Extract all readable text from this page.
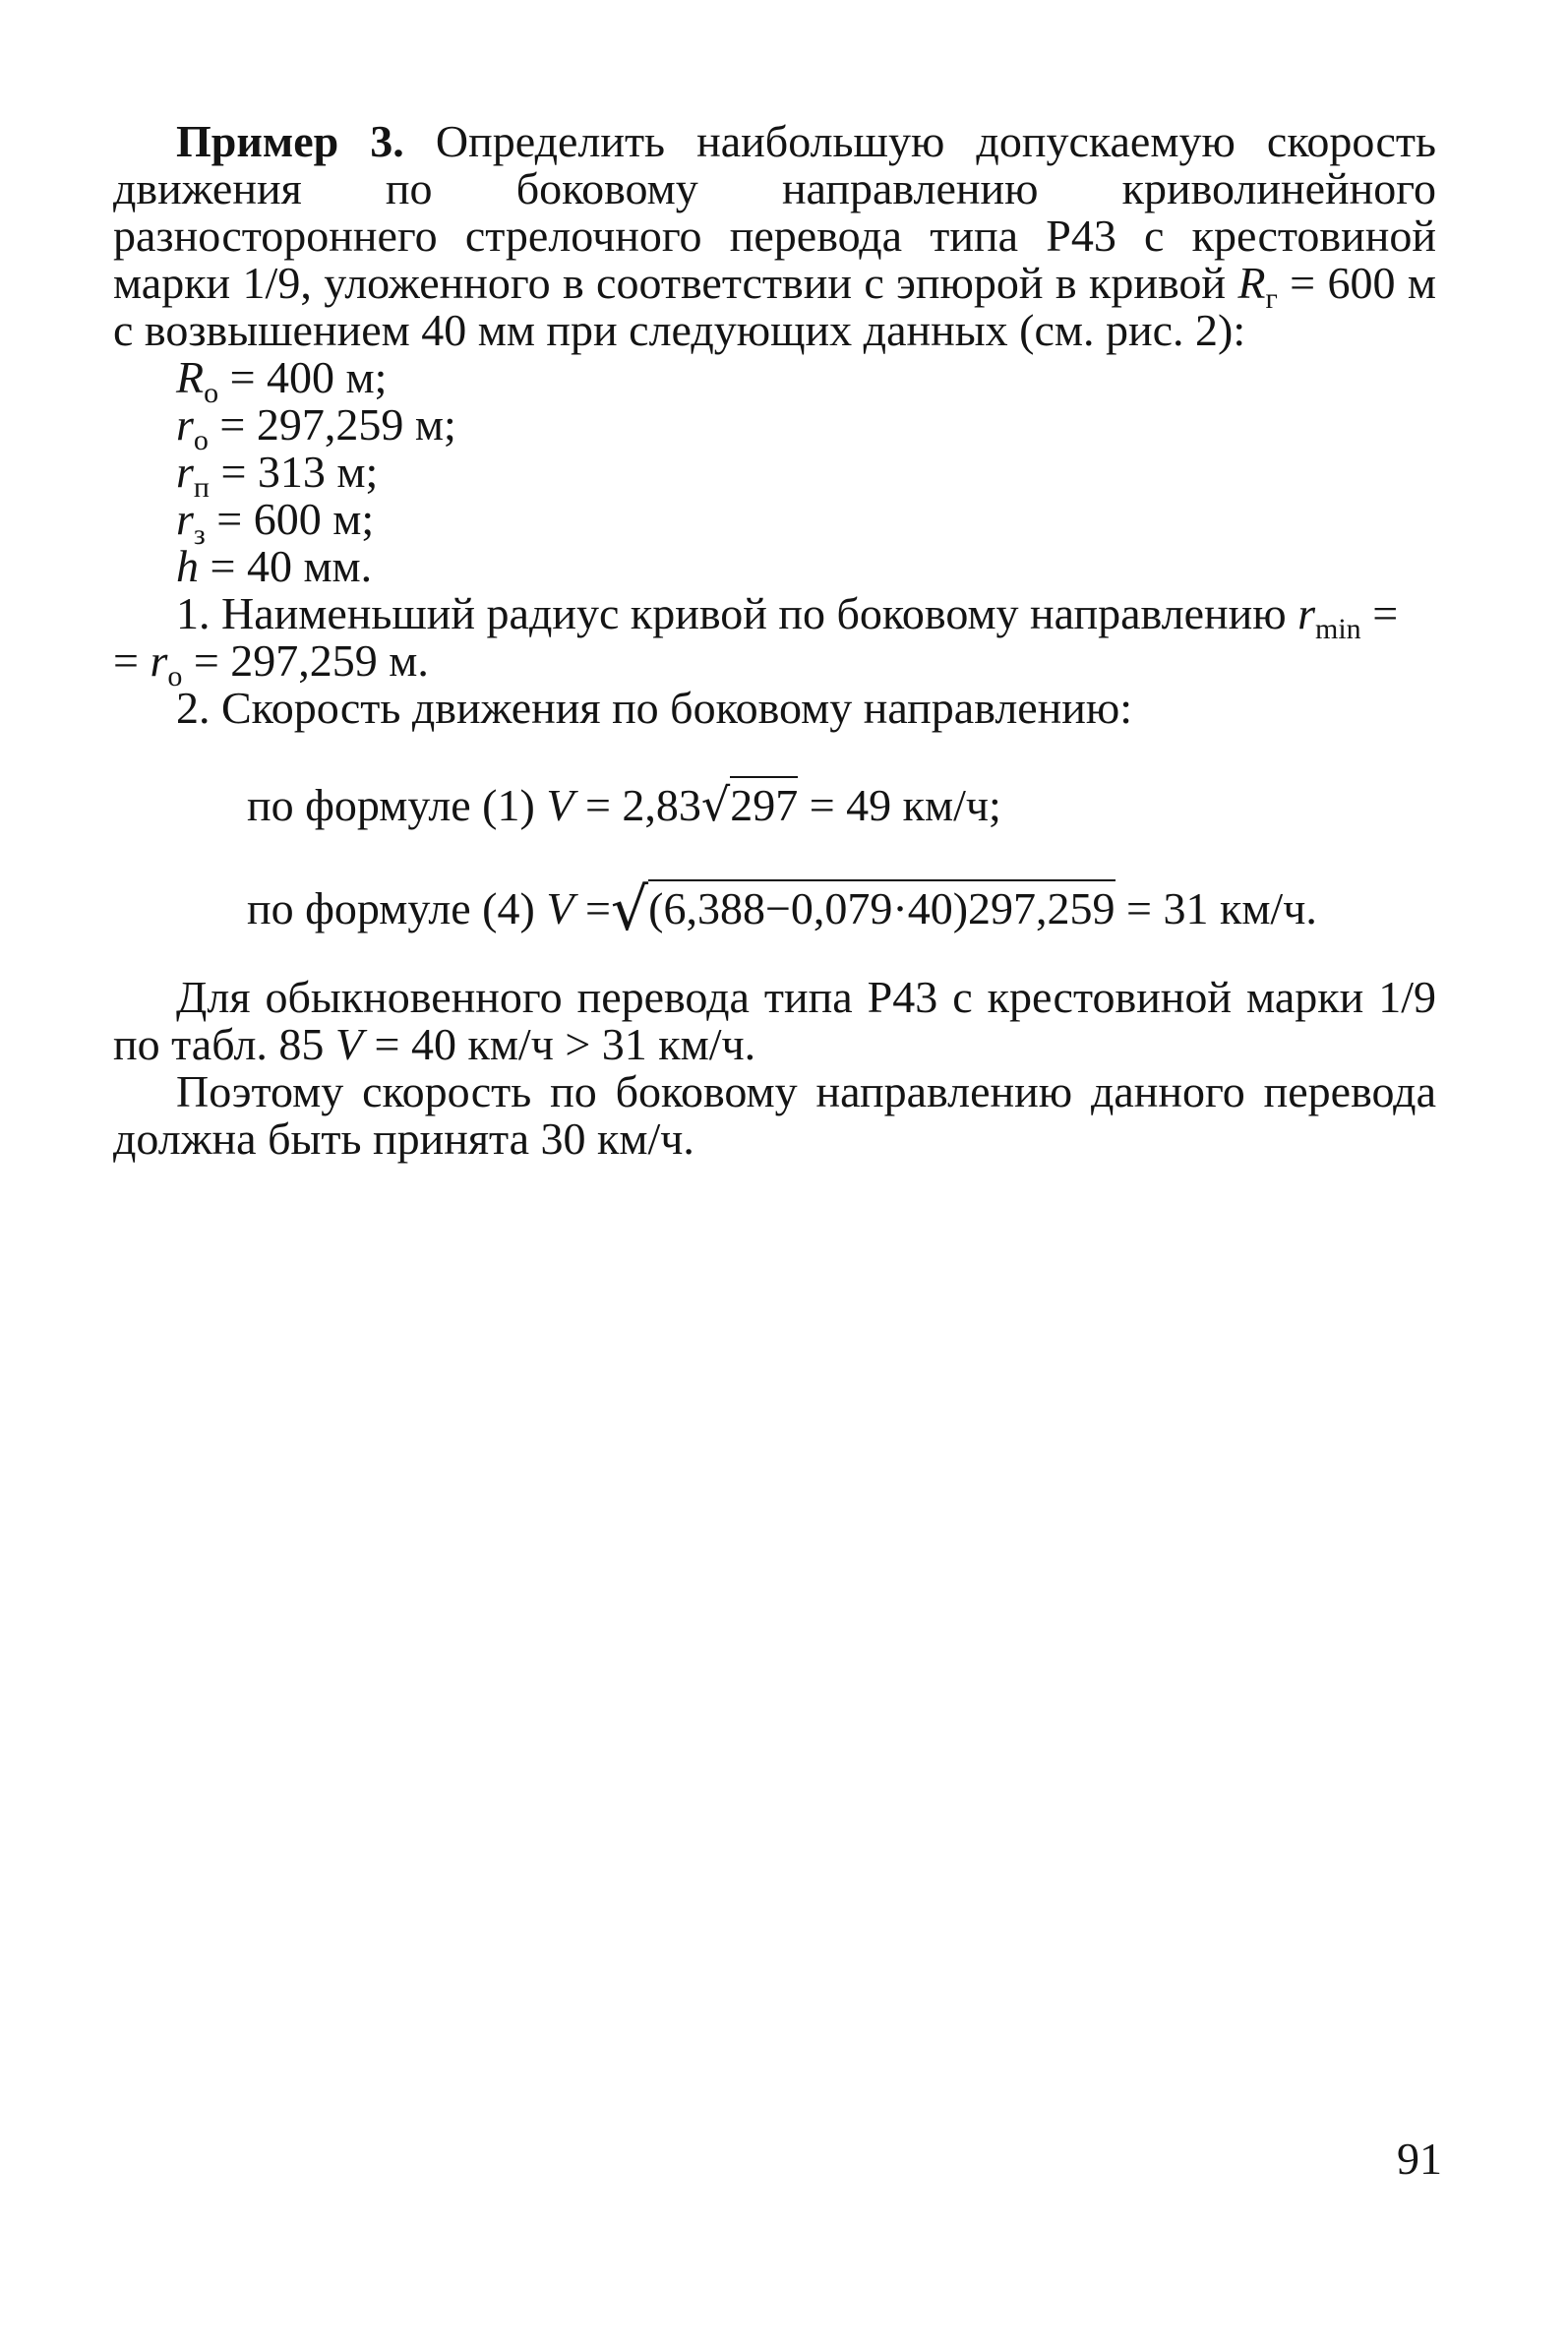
Пример 3. Определить наибольшую допускаемую скорость движения по боковому направлению криволинейного разностороннего стрелочного перевода типа Р43 с крестовиной марки 1/9, уложенного в соответствии с эпюрой в кривой $R_г = 600$ м с возвышением 40 мм при следующих данных (см. рис. 2):

$R_о = 400$ м;

$r_о = 297,259$ м;

$r_п = 313$ м;

$r_з = 600$ м;

h = 40 мм.

1. Наименьший радиус кривой по боковому направлению $r_{min}$ =

= $r_о = 297,259$ м.

2. Скорость движения по боковому направлению:

по формуле (1) V = 2,83√297 = 49 км/ч;

по формуле (4) V =√(6,388−0,079·40)297,259 = 31 км/ч.

Для обыкновенного перевода типа Р43 с крестовиной марки 1/9 по табл. 85 V = 40 км/ч > 31 км/ч.

Поэтому скорость по боковому направлению данного перевода должна быть принята 30 км/ч.

91
